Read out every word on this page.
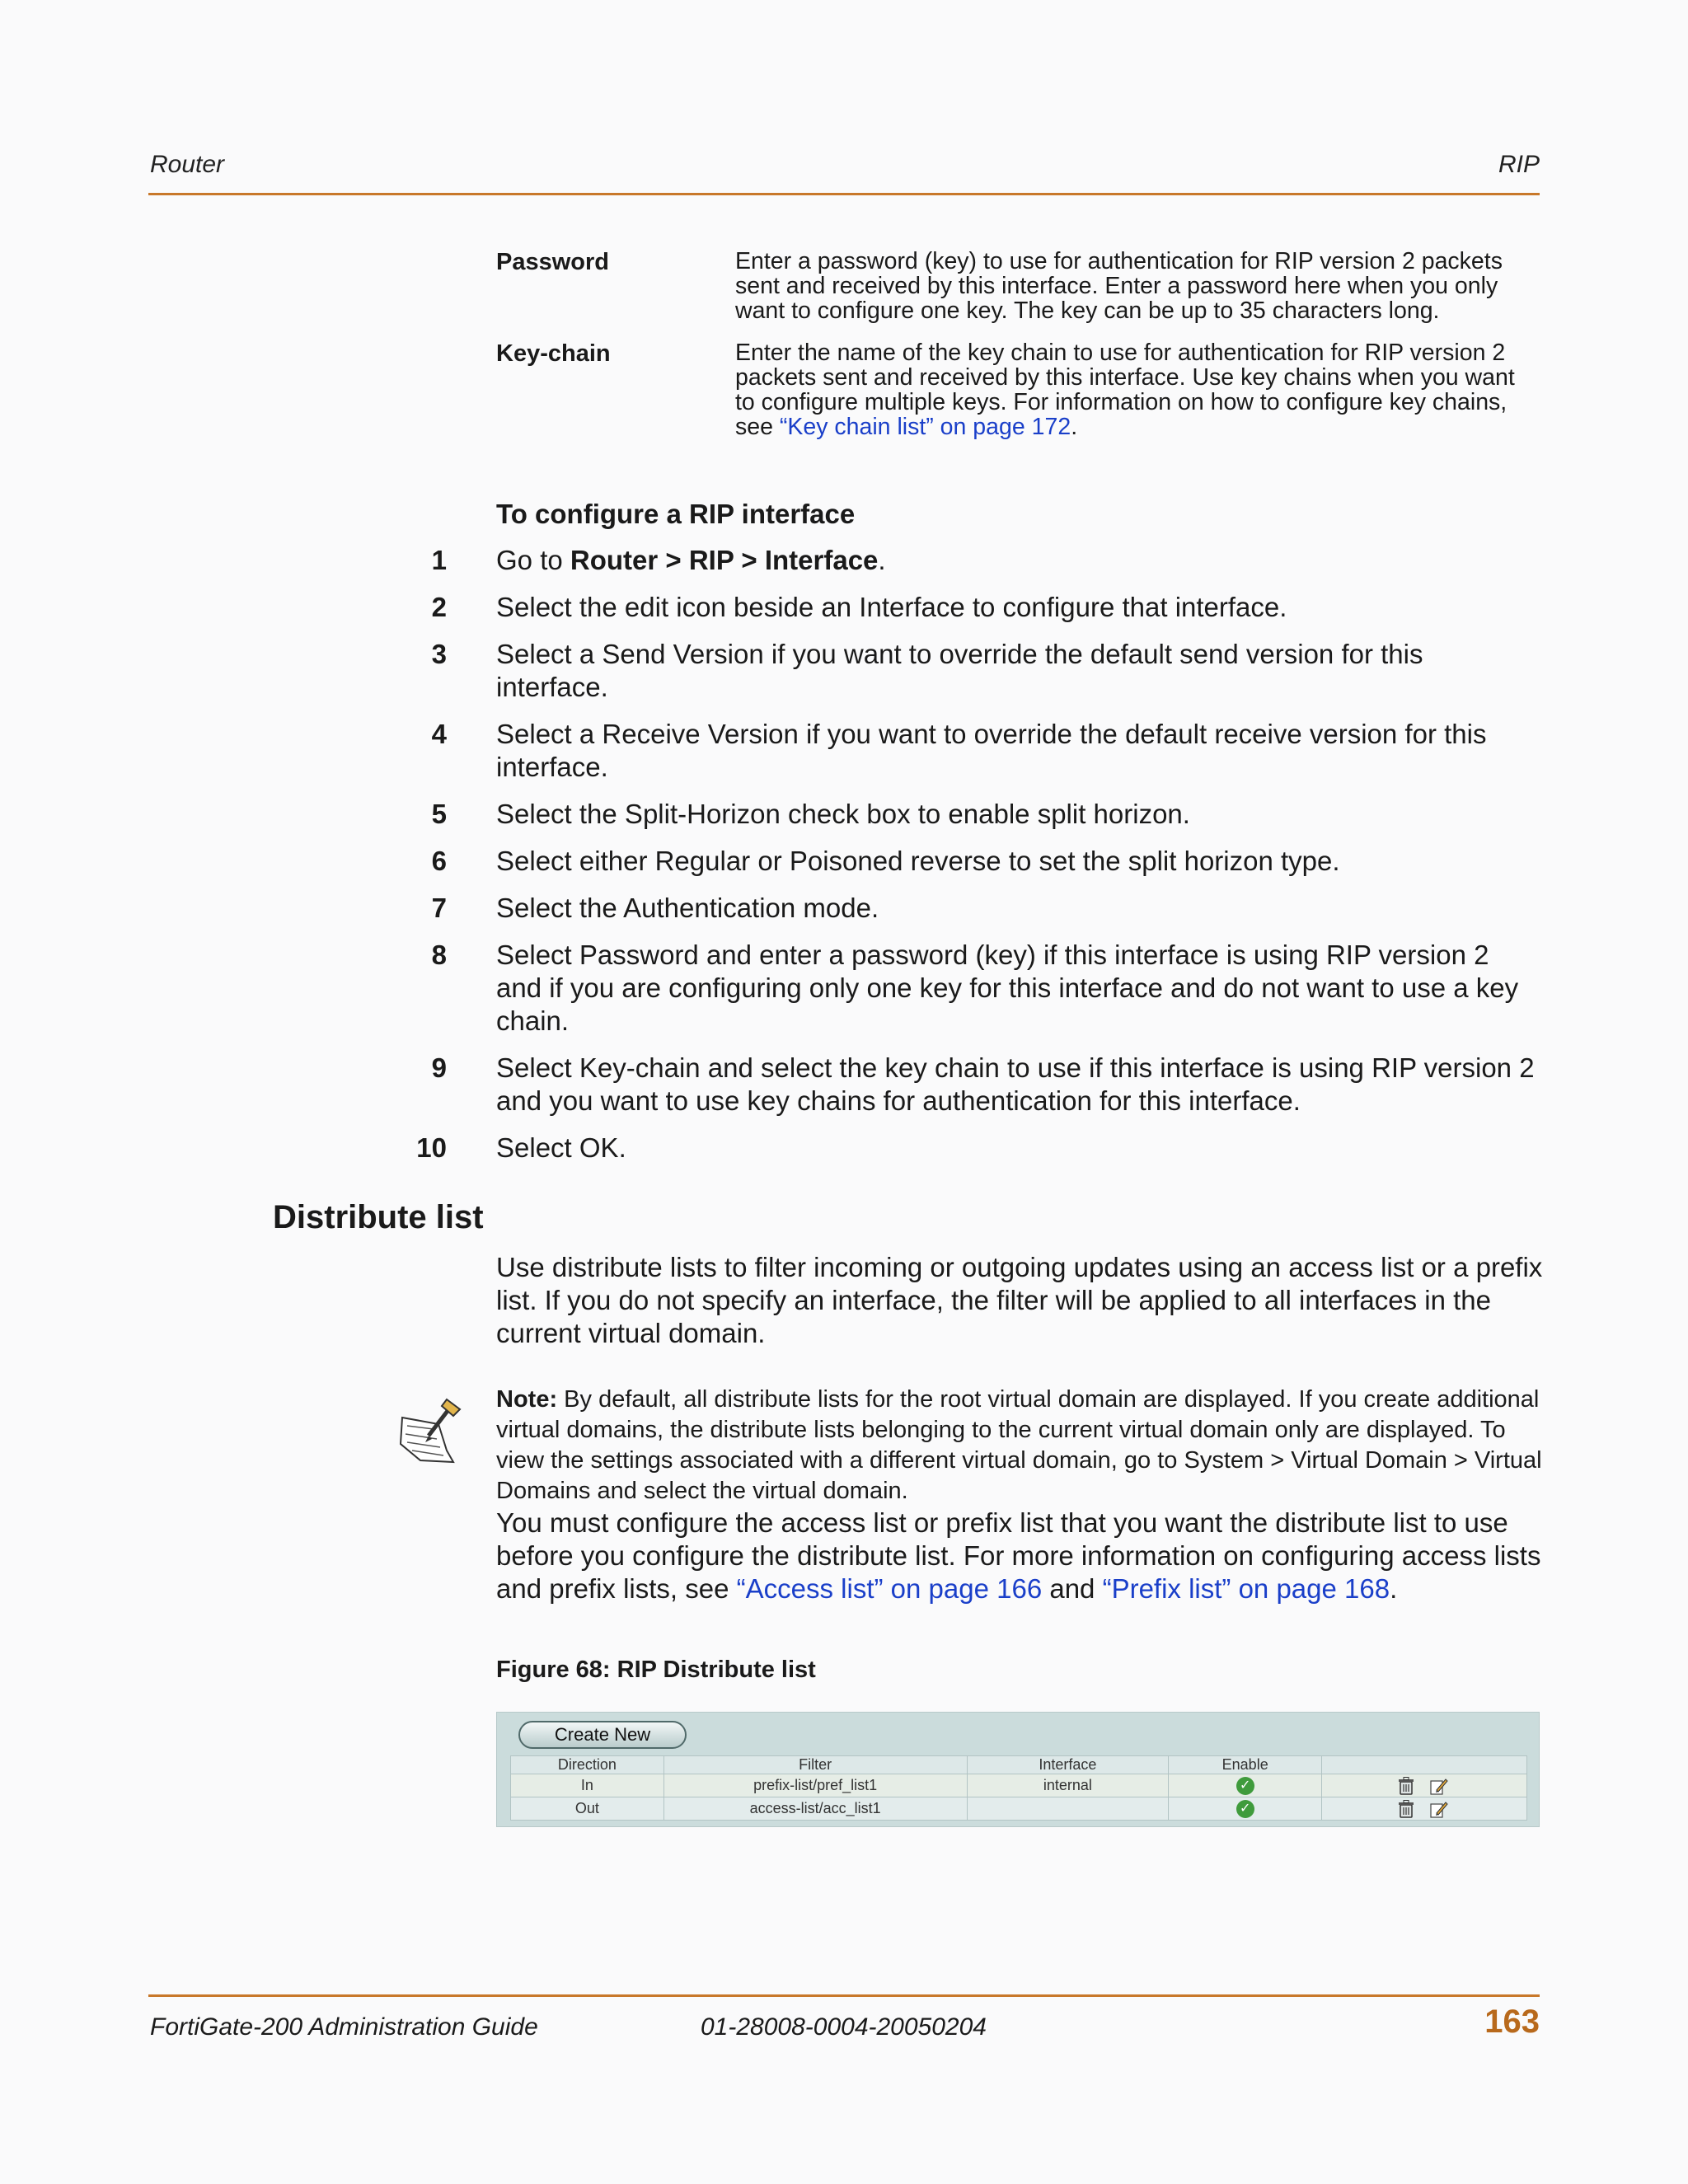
Router	RIP
Password	Enter a password (key) to use for authentication for RIP version 2 packets sent and received by this interface. Enter a password here when you only want to configure one key. The key can be up to 35 characters long.
Key-chain	Enter the name of the key chain to use for authentication for RIP version 2 packets sent and received by this interface. Use key chains when you want to configure multiple keys. For information on how to configure key chains, see “Key chain list” on page 172.
To configure a RIP interface
1 Go to Router > RIP > Interface.
2 Select the edit icon beside an Interface to configure that interface.
3 Select a Send Version if you want to override the default send version for this interface.
4 Select a Receive Version if you want to override the default receive version for this interface.
5 Select the Split-Horizon check box to enable split horizon.
6 Select either Regular or Poisoned reverse to set the split horizon type.
7 Select the Authentication mode.
8 Select Password and enter a password (key) if this interface is using RIP version 2 and if you are configuring only one key for this interface and do not want to use a key chain.
9 Select Key-chain and select the key chain to use if this interface is using RIP version 2 and you want to use key chains for authentication for this interface.
10 Select OK.
Distribute list
Use distribute lists to filter incoming or outgoing updates using an access list or a prefix list. If you do not specify an interface, the filter will be applied to all interfaces in the current virtual domain.
Note: By default, all distribute lists for the root virtual domain are displayed. If you create additional virtual domains, the distribute lists belonging to the current virtual domain only are displayed. To view the settings associated with a different virtual domain, go to System > Virtual Domain > Virtual Domains and select the virtual domain.
You must configure the access list or prefix list that you want the distribute list to use before you configure the distribute list. For more information on configuring access lists and prefix lists, see “Access list” on page 166 and “Prefix list” on page 168.
Figure 68: RIP Distribute list
Create New
Direction	Filter	Interface	Enable	
In	prefix-list/pref_list1	internal	✓	
Out	access-list/acc_list1		✓	
FortiGate-200 Administration Guide	01-28008-0004-20050204	163
